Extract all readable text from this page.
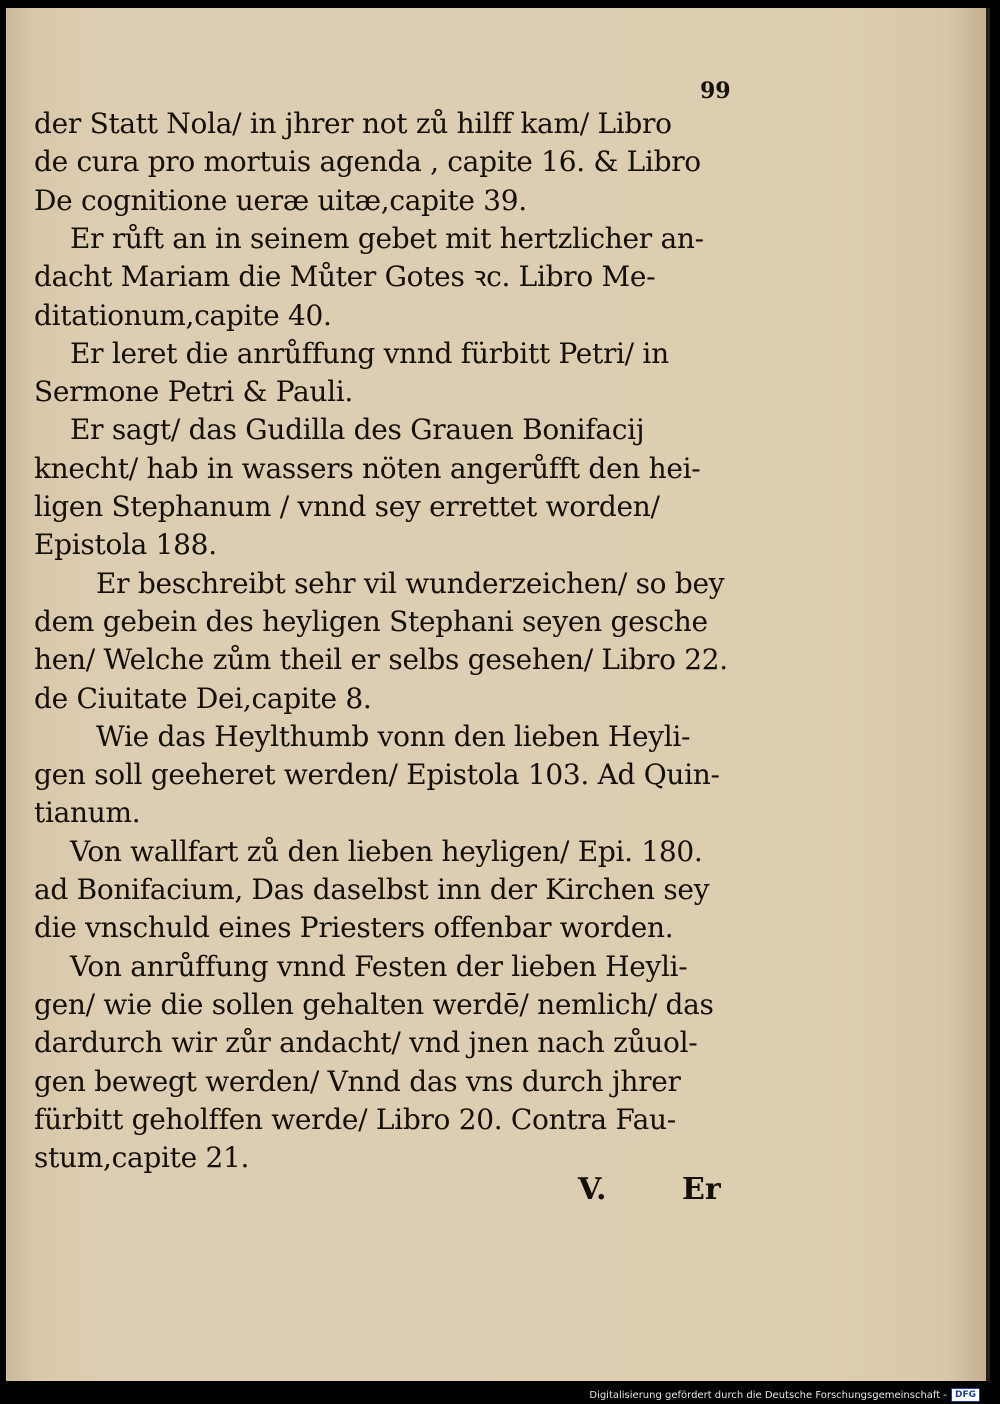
99
der Statt Nola/ in jhrer not zů hilff kam/ Libro
de cura pro mortuis agenda , capite 16. & Libro
De cognitione ueræ uitæ,capite 39.
Er růft an in seinem gebet mit hertzlicher an-
dacht Mariam die Můter Gotes ꝛc. Libro Me-
ditationum,capite 40.
Er leret die anrůffung vnnd fürbitt Petri/ in
Sermone Petri & Pauli.
Er sagt/ das Gudilla des Grauen Bonifacij
knecht/ hab in wassers nöten angerůfft den hei-
ligen Stephanum / vnnd sey errettet worden/
Epistola 188.
Er beschreibt sehr vil wunderzeichen/ so bey
dem gebein des heyligen Stephani seyen gesche
hen/ Welche zům theil er selbs gesehen/ Libro 22.
de Ciuitate Dei,capite 8.
Wie das Heylthumb vonn den lieben Heyli-
gen soll geeheret werden/ Epistola 103. Ad Quin-
tianum.
Von wallfart zů den lieben heyligen/ Epi. 180.
ad Bonifacium, Das daselbst inn der Kirchen sey
die vnschuld eines Priesters offenbar worden.
Von anrůffung vnnd Festen der lieben Heyli-
gen/ wie die sollen gehalten werdē/ nemlich/ das
dardurch wir zůr andacht/ vnd jnen nach zůuol-
gen bewegt werden/ Vnnd das vns durch jhrer
fürbitt geholffen werde/ Libro 20. Contra Fau-
stum,capite 21.
V.	Er
Digitalisierung gefördert durch die Deutsche Forschungsgemeinschaft - DFG
